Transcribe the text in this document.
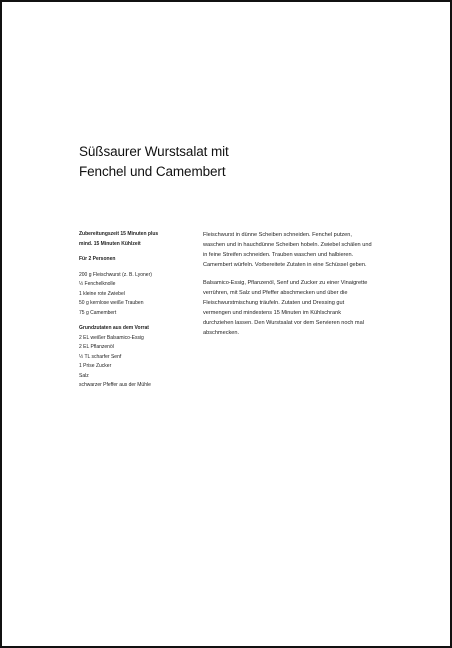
Süßsaurer Wurstsalat mit
Fenchel und Camembert
Zubereitungszeit 15 Minuten plus
mind. 15 Minuten Kühlzeit
Für 2 Personen
200 g Fleischwurst (z. B. Lyoner)
½ Fenchelknolle
1 kleine rote Zwiebel
50 g kernlose weiße Trauben
75 g Camembert
Grundzutaten aus dem Vorrat
2 EL weißer Balsamico-Essig
2 EL Pflanzenöl
½ TL scharfer Senf
1 Prise Zucker
Salz
schwarzer Pfeffer aus der Mühle

Fleischwurst in dünne Scheiben schneiden. Fenchel putzen, waschen und in hauchdünne Scheiben hobeln. Zwiebel schälen und in feine Streifen schneiden. Trauben waschen und halbieren. Camembert würfeln. Vorbereitete Zutaten in eine Schüssel geben.

Balsamico-Essig, Pflanzenöl, Senf und Zucker zu einer Vinaigrette verrühren, mit Salz und Pfeffer abschmecken und über die Fleischwurstmischung träufeln. Zutaten und Dressing gut vermengen und mindestens 15 Minuten im Kühlschrank durchziehen lassen. Den Wurstsalat vor dem Servieren noch mal abschmecken.
